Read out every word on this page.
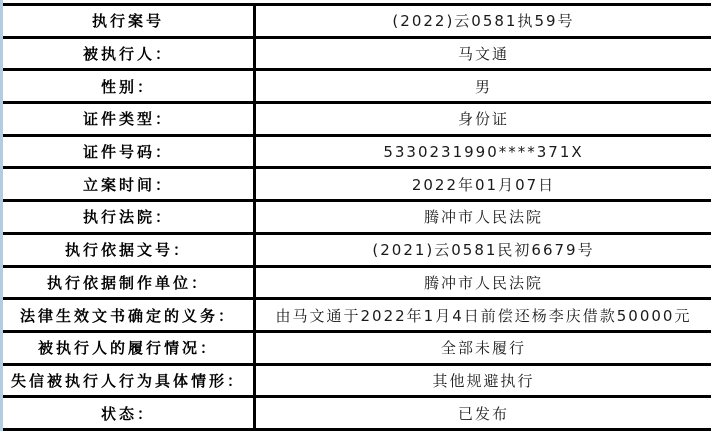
执行案号	(2022)云0581执59号
被执行人：	马文通
性别：	男
证件类型：	身份证
证件号码：	5330231990****371X
立案时间：	2022年01月07日
执行法院：	腾冲市人民法院
执行依据文号：	(2021)云0581民初6679号
执行依据制作单位：	腾冲市人民法院
法律生效文书确定的义务：	由马文通于2022年1月4日前偿还杨李庆借款50000元
被执行人的履行情况：	全部未履行
失信被执行人行为具体情形：	其他规避执行
状态：	已发布
